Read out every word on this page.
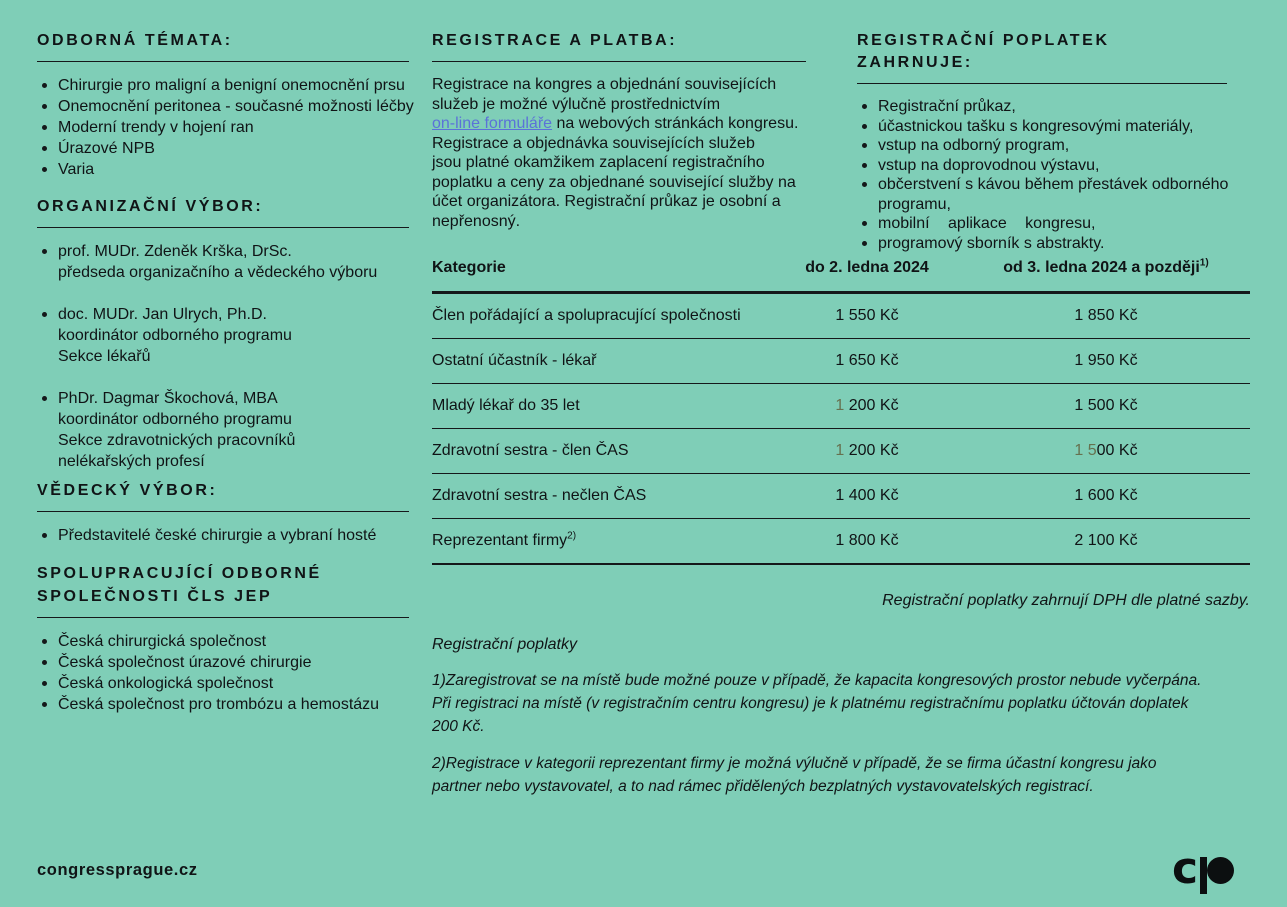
ODBORNÁ TÉMATA:
Chirurgie pro maligní a benigní onemocnění prsu
Onemocnění peritonea - současné možnosti léčby
Moderní trendy v hojení ran
Úrazové NPB
Varia
ORGANIZAČNÍ VÝBOR:
prof. MUDr. Zdeněk Krška, DrSc.
předseda organizačního a vědeckého výboru
doc. MUDr. Jan Ulrych, Ph.D.
koordinátor odborného programu
Sekce lékařů
PhDr. Dagmar Škochová, MBA
koordinátor odborného programu
Sekce zdravotnických pracovníků
nelékařských profesí
VĚDECKÝ VÝBOR:
Představitelé české chirurgie a vybraní hosté
SPOLUPRACUJÍCÍ ODBORNÉ SPOLEČNOSTI ČLS JEP
Česká chirurgická společnost
Česká společnost úrazové chirurgie
Česká onkologická společnost
Česká společnost pro trombózu a hemostázu
REGISTRACE A PLATBA:
Registrace na kongres a objednání souvisejících
služeb je možné výlučně prostřednictvím
on-line formuláře na webových stránkách kongresu.
Registrace a objednávka souvisejících služeb
jsou platné okamžikem zaplacení registračního
poplatku a ceny za objednané související služby na
účet organizátora. Registrační průkaz je osobní a
nepřenosný.
REGISTRAČNÍ POPLATEK ZAHRNUJE:
Registrační průkaz,
účastnickou tašku s kongresovými materiály,
vstup na odborný program,
vstup na doprovodnou výstavu,
občerstvení s kávou během přestávek odborného programu,
mobilní aplikace kongresu,
programový sborník s abstrakty.
Kategorie	do 2. ledna 2024	od 3. ledna 2024 a později$^{1)}$
Člen pořádající a spolupracující společnosti	1 550 Kč	1 850 Kč
Ostatní účastník - lékař	1 650 Kč	1 950 Kč
Mladý lékař do 35 let	1 200 Kč	1 500 Kč
Zdravotní sestra - člen ČAS	1 200 Kč	1 500 Kč
Zdravotní sestra - nečlen ČAS	1 400 Kč	1 600 Kč
Reprezentant firmy$^{2)}$	1 800 Kč	2 100 Kč
Registrační poplatky zahrnují DPH dle platné sazby.
Registrační poplatky
1)Zaregistrovat se na místě bude možné pouze v případě, že kapacita kongresových prostor nebude vyčerpána.
Při registraci na místě (v registračním centru kongresu) je k platnému registračnímu poplatku účtován doplatek
200 Kč.
2)Registrace v kategorii reprezentant firmy je možná výlučně v případě, že se firma účastní kongresu jako
partner nebo vystavovatel, a to nad rámec přidělených bezplatných vystavovatelských registrací.
congressprague.cz	c
